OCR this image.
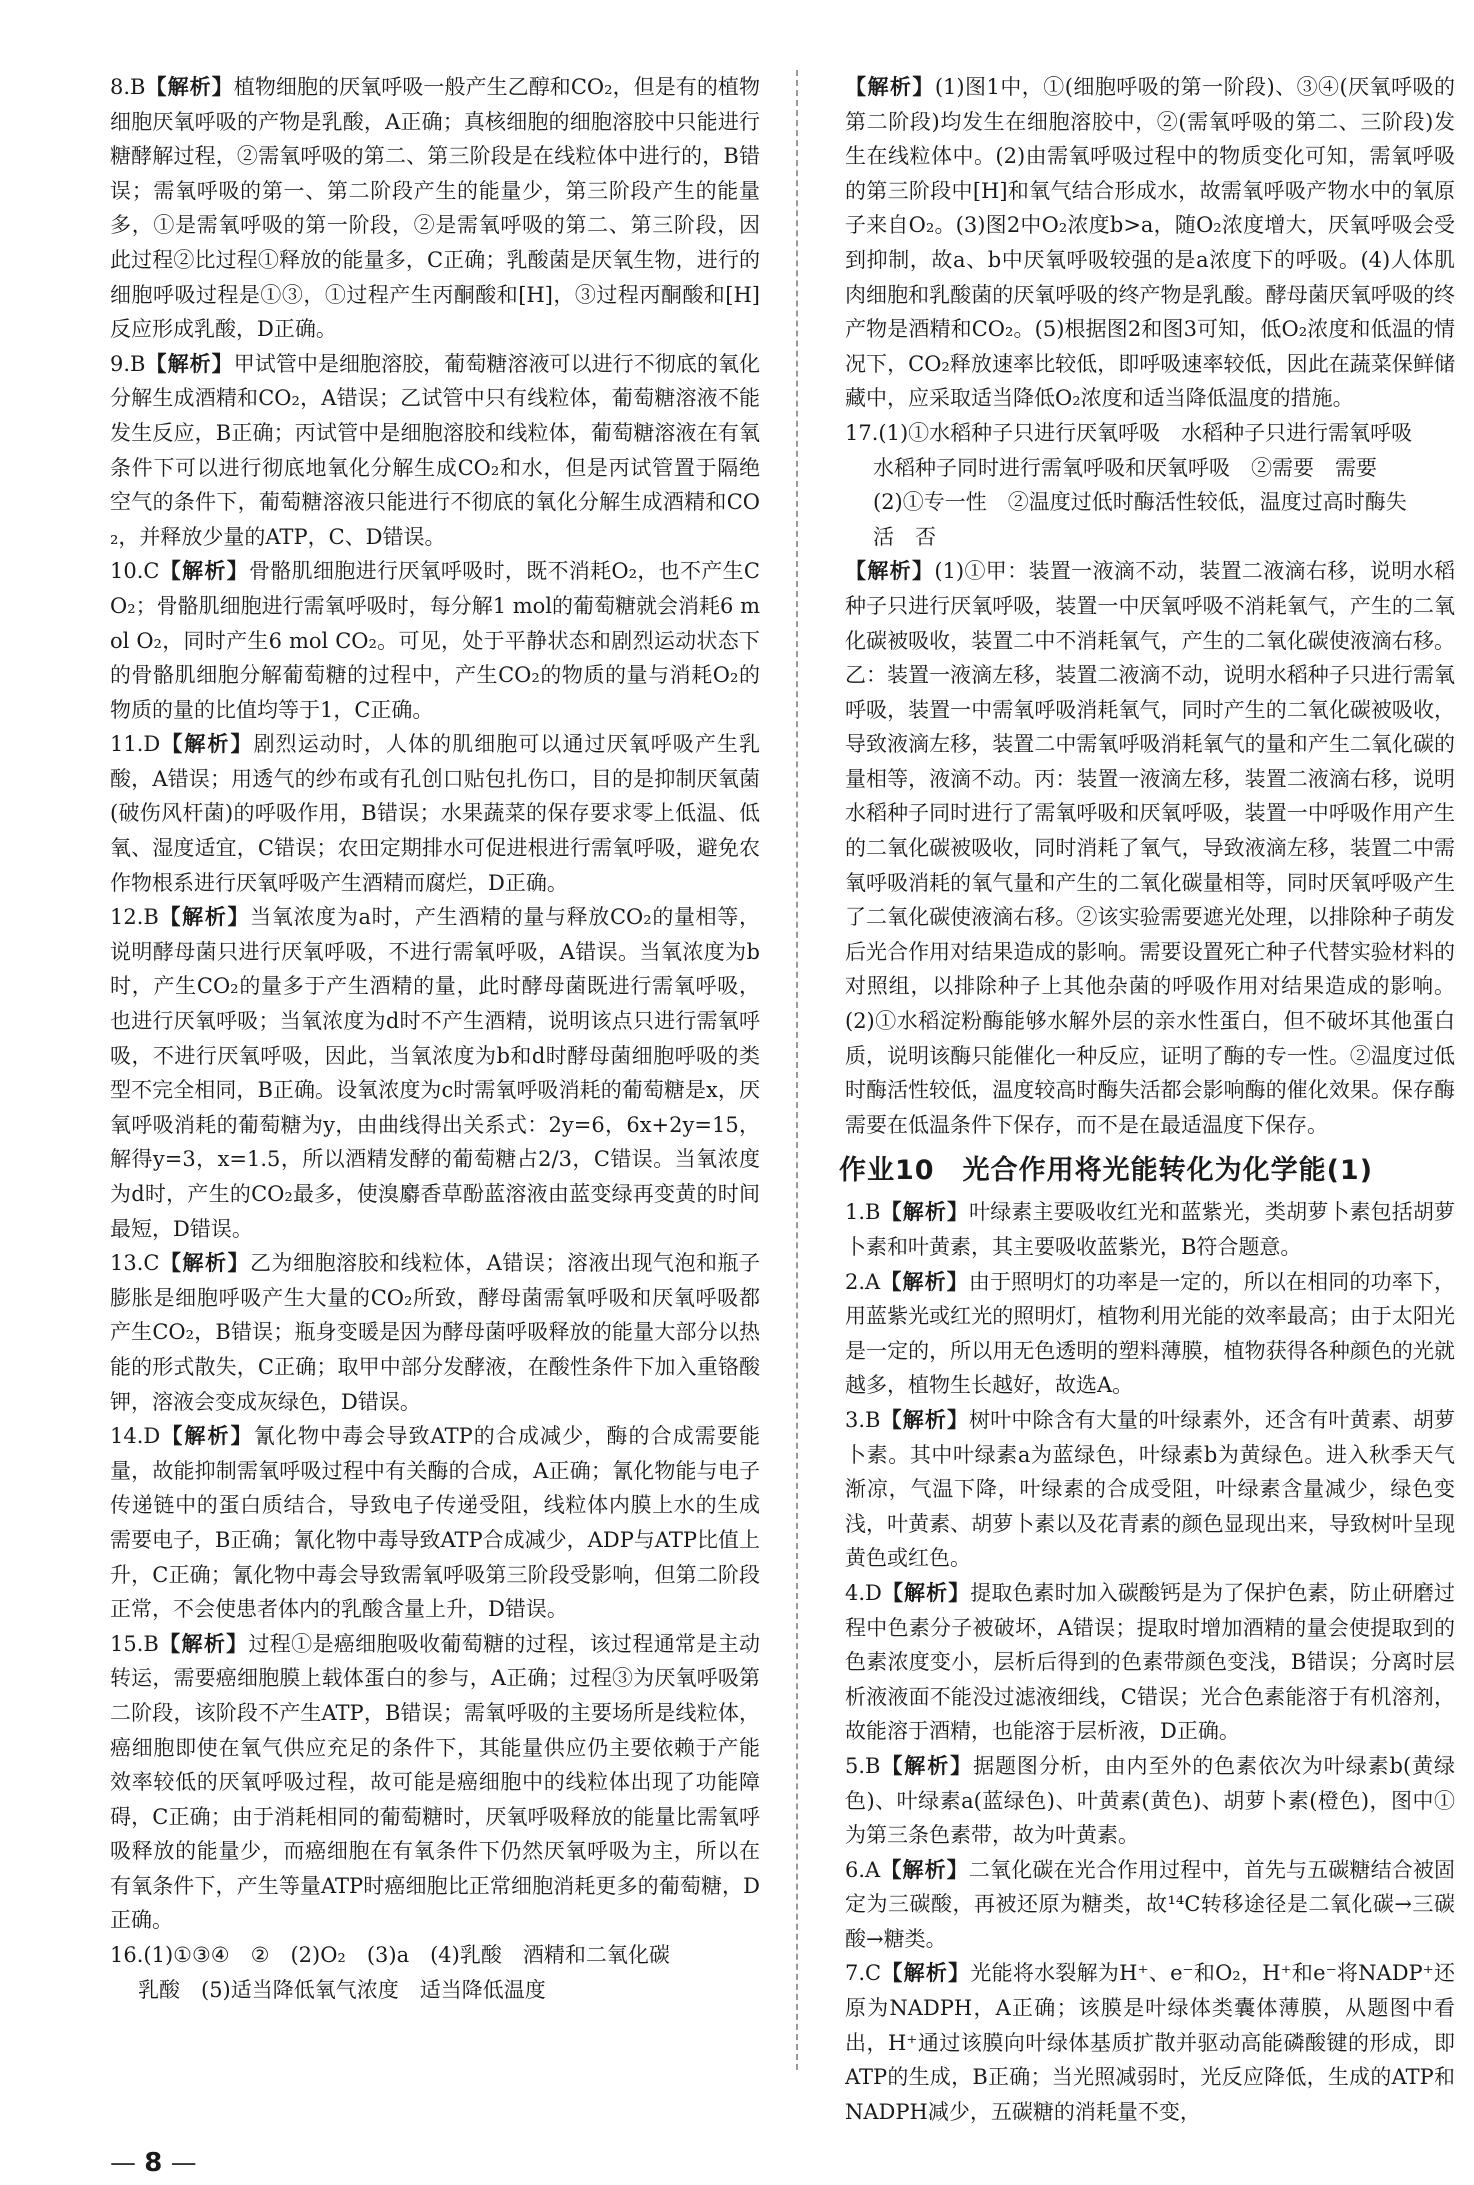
8.B【解析】植物细胞的厌氧呼吸一般产生乙醇和CO₂，但是有的植物细胞厌氧呼吸的产物是乳酸，A正确；真核细胞的细胞溶胶中只能进行糖酵解过程，②需氧呼吸的第二、第三阶段是在线粒体中进行的，B错误；需氧呼吸的第一、第二阶段产生的能量少，第三阶段产生的能量多，①是需氧呼吸的第一阶段，②是需氧呼吸的第二、第三阶段，因此过程②比过程①释放的能量多，C正确；乳酸菌是厌氧生物，进行的细胞呼吸过程是①③，①过程产生丙酮酸和[H]，③过程丙酮酸和[H]反应形成乳酸，D正确。

9.B【解析】甲试管中是细胞溶胶，葡萄糖溶液可以进行不彻底的氧化分解生成酒精和CO₂，A错误；乙试管中只有线粒体，葡萄糖溶液不能发生反应，B正确；丙试管中是细胞溶胶和线粒体，葡萄糖溶液在有氧条件下可以进行彻底地氧化分解生成CO₂和水，但是丙试管置于隔绝空气的条件下，葡萄糖溶液只能进行不彻底的氧化分解生成酒精和CO₂，并释放少量的ATP，C、D错误。

10.C【解析】骨骼肌细胞进行厌氧呼吸时，既不消耗O₂，也不产生CO₂；骨骼肌细胞进行需氧呼吸时，每分解1 mol的葡萄糖就会消耗6 mol O₂，同时产生6 mol CO₂。可见，处于平静状态和剧烈运动状态下的骨骼肌细胞分解葡萄糖的过程中，产生CO₂的物质的量与消耗O₂的物质的量的比值均等于1，C正确。

11.D【解析】剧烈运动时，人体的肌细胞可以通过厌氧呼吸产生乳酸，A错误；用透气的纱布或有孔创口贴包扎伤口，目的是抑制厌氧菌(破伤风杆菌)的呼吸作用，B错误；水果蔬菜的保存要求零上低温、低氧、湿度适宜，C错误；农田定期排水可促进根进行需氧呼吸，避免农作物根系进行厌氧呼吸产生酒精而腐烂，D正确。

12.B【解析】当氧浓度为a时，产生酒精的量与释放CO₂的量相等，说明酵母菌只进行厌氧呼吸，不进行需氧呼吸，A错误。当氧浓度为b时，产生CO₂的量多于产生酒精的量，此时酵母菌既进行需氧呼吸，也进行厌氧呼吸；当氧浓度为d时不产生酒精，说明该点只进行需氧呼吸，不进行厌氧呼吸，因此，当氧浓度为b和d时酵母菌细胞呼吸的类型不完全相同，B正确。设氧浓度为c时需氧呼吸消耗的葡萄糖是x，厌氧呼吸消耗的葡萄糖为y，由曲线得出关系式：2y=6，6x+2y=15，解得y=3，x=1.5，所以酒精发酵的葡萄糖占2/3，C错误。当氧浓度为d时，产生的CO₂最多，使溴麝香草酚蓝溶液由蓝变绿再变黄的时间最短，D错误。

13.C【解析】乙为细胞溶胶和线粒体，A错误；溶液出现气泡和瓶子膨胀是细胞呼吸产生大量的CO₂所致，酵母菌需氧呼吸和厌氧呼吸都产生CO₂，B错误；瓶身变暖是因为酵母菌呼吸释放的能量大部分以热能的形式散失，C正确；取甲中部分发酵液，在酸性条件下加入重铬酸钾，溶液会变成灰绿色，D错误。

14.D【解析】氰化物中毒会导致ATP的合成减少，酶的合成需要能量，故能抑制需氧呼吸过程中有关酶的合成，A正确；氰化物能与电子传递链中的蛋白质结合，导致电子传递受阻，线粒体内膜上水的生成需要电子，B正确；氰化物中毒导致ATP合成减少，ADP与ATP比值上升，C正确；氰化物中毒会导致需氧呼吸第三阶段受影响，但第二阶段正常，不会使患者体内的乳酸含量上升，D错误。

15.B【解析】过程①是癌细胞吸收葡萄糖的过程，该过程通常是主动转运，需要癌细胞膜上载体蛋白的参与，A正确；过程③为厌氧呼吸第二阶段，该阶段不产生ATP，B错误；需氧呼吸的主要场所是线粒体，癌细胞即使在氧气供应充足的条件下，其能量供应仍主要依赖于产能效率较低的厌氧呼吸过程，故可能是癌细胞中的线粒体出现了功能障碍，C正确；由于消耗相同的葡萄糖时，厌氧呼吸释放的能量比需氧呼吸释放的能量少，而癌细胞在有氧条件下仍然厌氧呼吸为主，所以在有氧条件下，产生等量ATP时癌细胞比正常细胞消耗更多的葡萄糖，D正确。

16.(1)①③④　②　(2)O₂　(3)a　(4)乳酸　酒精和二氧化碳

乳酸　(5)适当降低氧气浓度　适当降低温度

【解析】(1)图1中，①(细胞呼吸的第一阶段)、③④(厌氧呼吸的第二阶段)均发生在细胞溶胶中，②(需氧呼吸的第二、三阶段)发生在线粒体中。(2)由需氧呼吸过程中的物质变化可知，需氧呼吸的第三阶段中[H]和氧气结合形成水，故需氧呼吸产物水中的氧原子来自O₂。(3)图2中O₂浓度b>a，随O₂浓度增大，厌氧呼吸会受到抑制，故a、b中厌氧呼吸较强的是a浓度下的呼吸。(4)人体肌肉细胞和乳酸菌的厌氧呼吸的终产物是乳酸。酵母菌厌氧呼吸的终产物是酒精和CO₂。(5)根据图2和图3可知，低O₂浓度和低温的情况下，CO₂释放速率比较低，即呼吸速率较低，因此在蔬菜保鲜储藏中，应采取适当降低O₂浓度和适当降低温度的措施。

17.(1)①水稻种子只进行厌氧呼吸　水稻种子只进行需氧呼吸

水稻种子同时进行需氧呼吸和厌氧呼吸　②需要　需要

(2)①专一性　②温度过低时酶活性较低，温度过高时酶失

活　否

【解析】(1)①甲：装置一液滴不动，装置二液滴右移，说明水稻种子只进行厌氧呼吸，装置一中厌氧呼吸不消耗氧气，产生的二氧化碳被吸收，装置二中不消耗氧气，产生的二氧化碳使液滴右移。乙：装置一液滴左移，装置二液滴不动，说明水稻种子只进行需氧呼吸，装置一中需氧呼吸消耗氧气，同时产生的二氧化碳被吸收，导致液滴左移，装置二中需氧呼吸消耗氧气的量和产生二氧化碳的量相等，液滴不动。丙：装置一液滴左移，装置二液滴右移，说明水稻种子同时进行了需氧呼吸和厌氧呼吸，装置一中呼吸作用产生的二氧化碳被吸收，同时消耗了氧气，导致液滴左移，装置二中需氧呼吸消耗的氧气量和产生的二氧化碳量相等，同时厌氧呼吸产生了二氧化碳使液滴右移。②该实验需要遮光处理，以排除种子萌发后光合作用对结果造成的影响。需要设置死亡种子代替实验材料的对照组，以排除种子上其他杂菌的呼吸作用对结果造成的影响。(2)①水稻淀粉酶能够水解外层的亲水性蛋白，但不破坏其他蛋白质，说明该酶只能催化一种反应，证明了酶的专一性。②温度过低时酶活性较低，温度较高时酶失活都会影响酶的催化效果。保存酶需要在低温条件下保存，而不是在最适温度下保存。

作业10　光合作用将光能转化为化学能(1)

1.B【解析】叶绿素主要吸收红光和蓝紫光，类胡萝卜素包括胡萝卜素和叶黄素，其主要吸收蓝紫光，B符合题意。

2.A【解析】由于照明灯的功率是一定的，所以在相同的功率下，用蓝紫光或红光的照明灯，植物利用光能的效率最高；由于太阳光是一定的，所以用无色透明的塑料薄膜，植物获得各种颜色的光就越多，植物生长越好，故选A。

3.B【解析】树叶中除含有大量的叶绿素外，还含有叶黄素、胡萝卜素。其中叶绿素a为蓝绿色，叶绿素b为黄绿色。进入秋季天气渐凉，气温下降，叶绿素的合成受阻，叶绿素含量减少，绿色变浅，叶黄素、胡萝卜素以及花青素的颜色显现出来，导致树叶呈现黄色或红色。

4.D【解析】提取色素时加入碳酸钙是为了保护色素，防止研磨过程中色素分子被破坏，A错误；提取时增加酒精的量会使提取到的色素浓度变小，层析后得到的色素带颜色变浅，B错误；分离时层析液液面不能没过滤液细线，C错误；光合色素能溶于有机溶剂，故能溶于酒精，也能溶于层析液，D正确。

5.B【解析】据题图分析，由内至外的色素依次为叶绿素b(黄绿色)、叶绿素a(蓝绿色)、叶黄素(黄色)、胡萝卜素(橙色)，图中①为第三条色素带，故为叶黄素。

6.A【解析】二氧化碳在光合作用过程中，首先与五碳糖结合被固定为三碳酸，再被还原为糖类，故¹⁴C转移途径是二氧化碳→三碳酸→糖类。

7.C【解析】光能将水裂解为H⁺、e⁻和O₂，H⁺和e⁻将NADP⁺还原为NADPH，A正确；该膜是叶绿体类囊体薄膜，从题图中看出，H⁺通过该膜向叶绿体基质扩散并驱动高能磷酸键的形成，即ATP的生成，B正确；当光照减弱时，光反应降低，生成的ATP和NADPH减少，五碳糖的消耗量不变，

— 8 —
